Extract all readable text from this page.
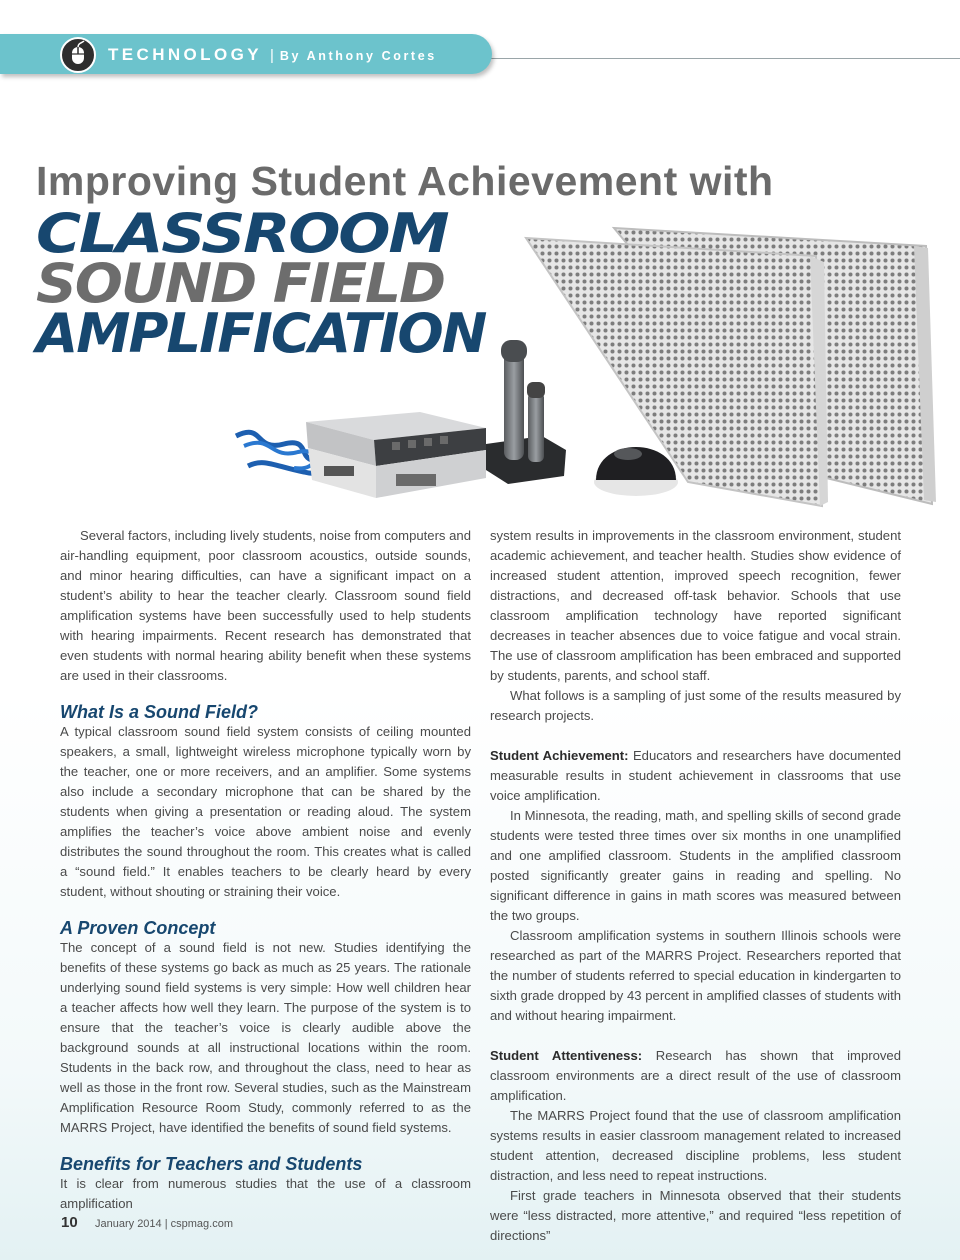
TECHNOLOGY | By Anthony Cortes
Improving Student Achievement with
CLASSROOM
SOUND FIELD
AMPLIFICATION

Several factors, including lively students, noise from computers and air-handling equipment, poor classroom acoustics, outside sounds, and minor hearing difficulties, can have a significant impact on a student’s ability to hear the teacher clearly. Classroom sound field amplification systems have been successfully used to help students with hearing impairments. Recent research has demonstrated that even students with normal hearing ability benefit when these systems are used in their classrooms.

What Is a Sound Field?

A typical classroom sound field system consists of ceiling mounted speakers, a small, lightweight wireless microphone typically worn by the teacher, one or more receivers, and an amplifier. Some systems also include a secondary microphone that can be shared by the students when giving a presentation or reading aloud. The system amplifies the teacher’s voice above ambient noise and evenly distributes the sound throughout the room. This creates what is called a “sound field.” It enables teachers to be clearly heard by every student, without shouting or straining their voice.

A Proven Concept

The concept of a sound field is not new. Studies identifying the benefits of these systems go back as much as 25 years. The rationale underlying sound field systems is very simple: How well children hear a teacher affects how well they learn. The purpose of the system is to ensure that the teacher’s voice is clearly audible above the background sounds at all instructional locations within the room. Students in the back row, and throughout the class, need to hear as well as those in the front row. Several studies, such as the Mainstream Amplification Resource Room Study, commonly referred to as the MARRS Project, have identified the benefits of sound field systems.

Benefits for Teachers and Students

It is clear from numerous studies that the use of a classroom amplification

system results in improvements in the classroom environment, student academic achievement, and teacher health. Studies show evidence of increased student attention, improved speech recognition, fewer distractions, and decreased off-task behavior. Schools that use classroom amplification technology have reported significant decreases in teacher absences due to voice fatigue and vocal strain. The use of classroom amplification has been embraced and supported by students, parents, and school staff.

What follows is a sampling of just some of the results measured by research projects.

Student Achievement: Educators and researchers have documented measurable results in student achievement in classrooms that use voice amplification.

In Minnesota, the reading, math, and spelling skills of second grade students were tested three times over six months in one unamplified and one amplified classroom. Students in the amplified classroom posted significantly greater gains in reading and spelling. No significant difference in gains in math scores was measured between the two groups.

Classroom amplification systems in southern Illinois schools were researched as part of the MARRS Project. Researchers reported that the number of students referred to special education in kindergarten to sixth grade dropped by 43 percent in amplified classes of students with and without hearing impairment.

Student Attentiveness: Research has shown that improved classroom environments are a direct result of the use of classroom amplification.

The MARRS Project found that the use of classroom amplification systems results in easier classroom management related to increased student attention, decreased discipline problems, less student distraction, and less need to repeat instructions.

First grade teachers in Minnesota observed that their students were “less distracted, more attentive,” and required “less repetition of directions”

10 January 2014 | cspmag.com
